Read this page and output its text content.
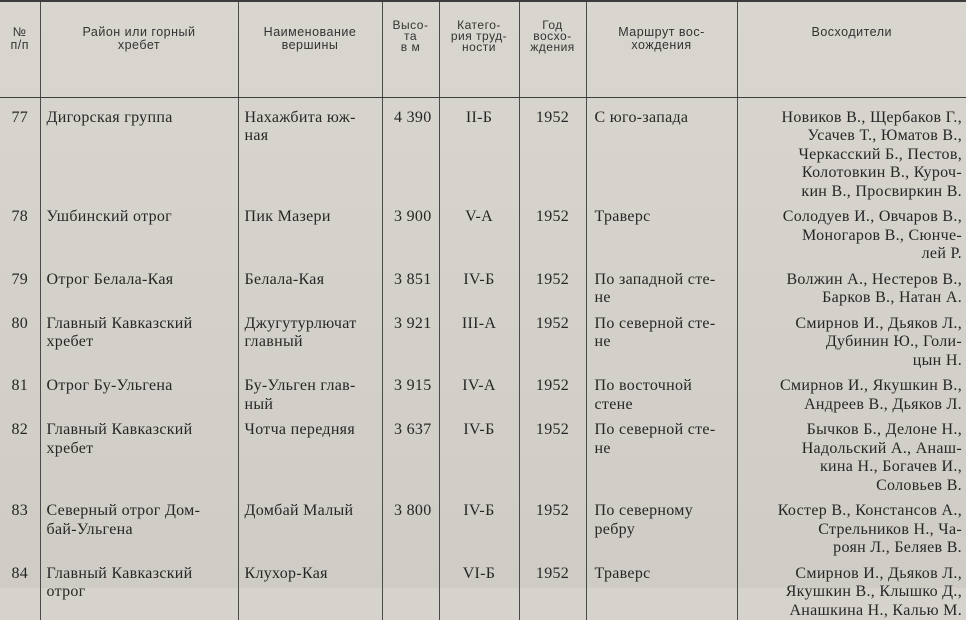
№
п/п	Район или горный
хребет	Наименование
вершины	Высо-
та
в м	Катего-
рия труд-
ности	Год
восхо-
ждения	Маршрут вос-
хождения	Восходители

77	Дигорская группа	Нахажбита юж-
ная	4 390	II-Б	1952	С юго-запада	Новиков В., Щербаков Г.,
Усачев Т., Юматов В.,
Черкасский Б., Пестов,
Колотовкин В., Куроч-
кин В., Просвиркин В.

78	Ушбинский отрог	Пик Мазери	3 900	V-А	1952	Траверс	Солодуев И., Овчаров В.,
Моногаров В., Сюнче-
лей Р.

79	Отрог Белала-Кая	Белала-Кая	3 851	IV-Б	1952	По западной сте-
не	Волжин А., Нестеров В.,
Барков В., Натан А.

80	Главный Кавказский
хребет	Джугутурлючат
главный	3 921	III-А	1952	По северной сте-
не	Смирнов И., Дьяков Л.,
Дубинин Ю., Голи-
цын Н.

81	Отрог Бу-Ульгена	Бу-Ульген глав-
ный	3 915	IV-А	1952	По восточной
стене	Смирнов И., Якушкин В.,
Андреев В., Дьяков Л.

82	Главный Кавказский
хребет	Чотча передняя	3 637	IV-Б	1952	По северной сте-
не	Бычков Б., Делоне Н.,
Надольский А., Анаш-
кина Н., Богачев И.,
Соловьев В.

83	Северный отрог Дом-
бай-Ульгена	Домбай Малый	3 800	IV-Б	1952	По северному
ребру	Костер В., Констансов А.,
Стрельников Н., Ча-
роян Л., Беляев В.

84	Главный Кавказский
отрог	Клухор-Кая		VI-Б	1952	Траверс	Смирнов И., Дьяков Л.,
Якушкин В., Клышко Д.,
Анашкина Н., Калью М.
